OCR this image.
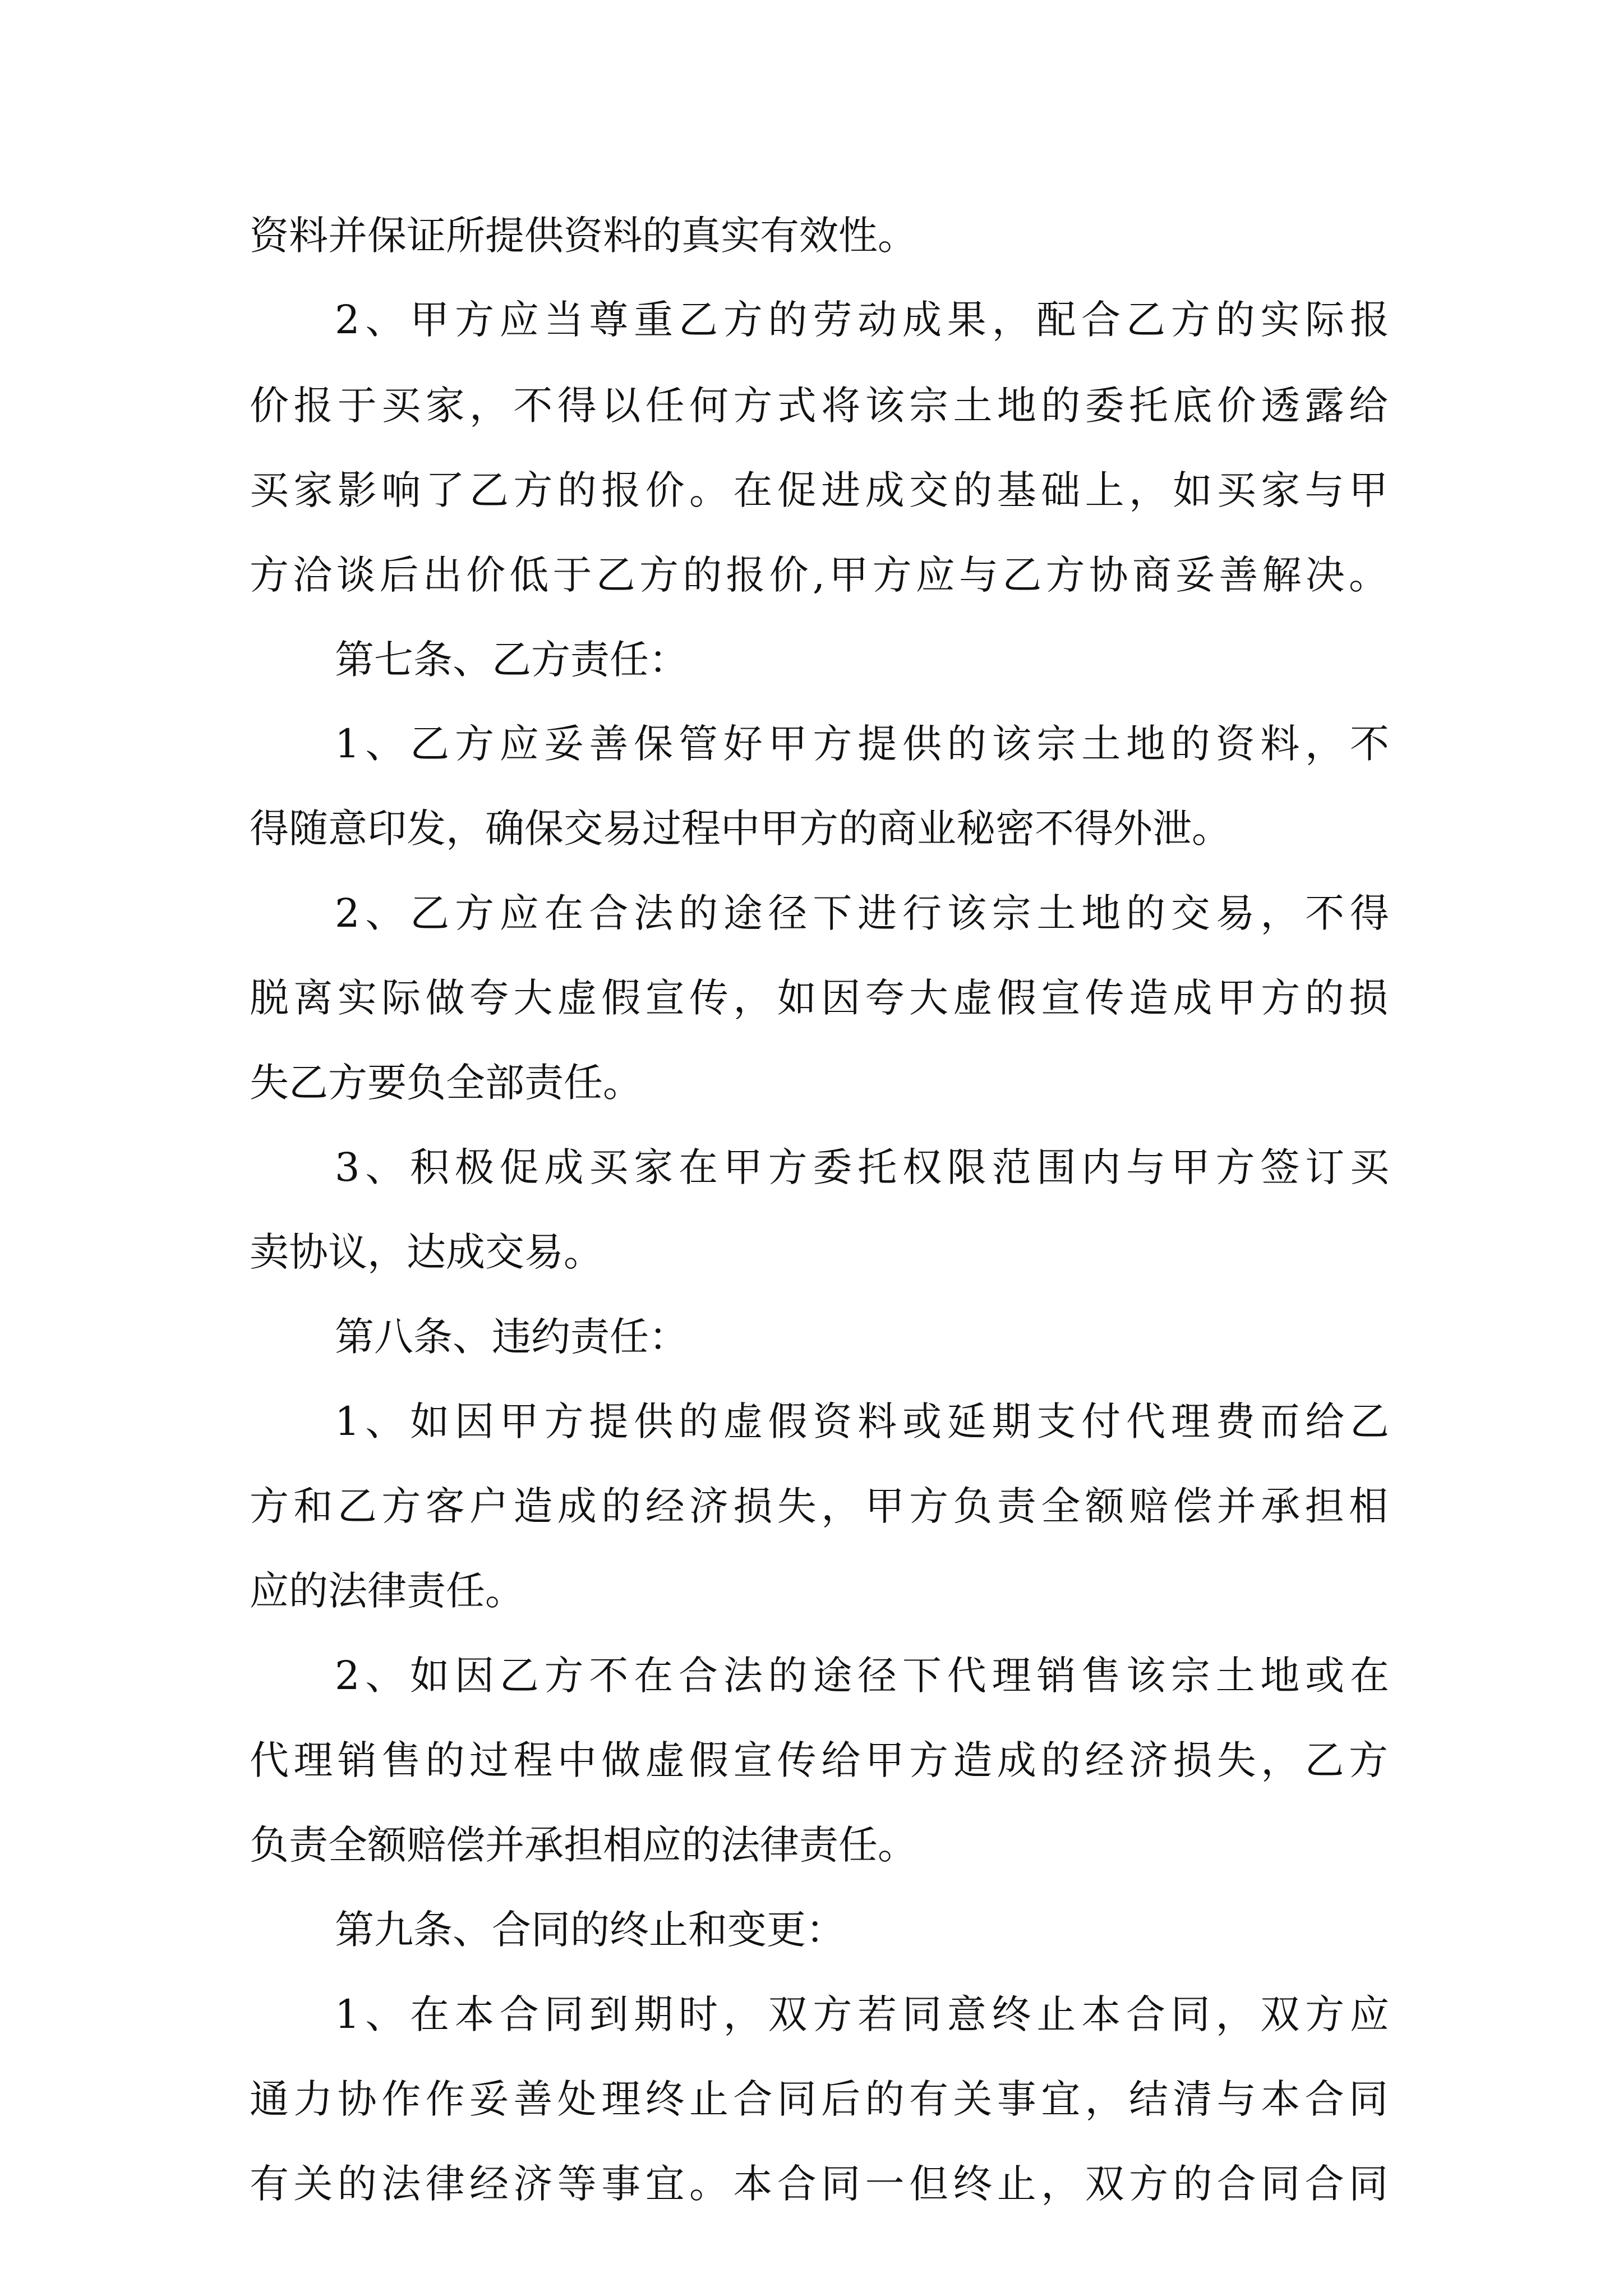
资料并保证所提供资料的真实有效性。
2、甲方应当尊重乙方的劳动成果，配合乙方的实际报
价报于买家，不得以任何方式将该宗土地的委托底价透露给
买家影响了乙方的报价。在促进成交的基础上，如买家与甲
方洽谈后出价低于乙方的报价,甲方应与乙方协商妥善解决。
第七条、乙方责任：
1、乙方应妥善保管好甲方提供的该宗土地的资料，不
得随意印发，确保交易过程中甲方的商业秘密不得外泄。
2、乙方应在合法的途径下进行该宗土地的交易，不得
脱离实际做夸大虚假宣传，如因夸大虚假宣传造成甲方的损
失乙方要负全部责任。
3、积极促成买家在甲方委托权限范围内与甲方签订买
卖协议，达成交易。
第八条、违约责任：
1、如因甲方提供的虚假资料或延期支付代理费而给乙
方和乙方客户造成的经济损失，甲方负责全额赔偿并承担相
应的法律责任。
2、如因乙方不在合法的途径下代理销售该宗土地或在
代理销售的过程中做虚假宣传给甲方造成的经济损失，乙方
负责全额赔偿并承担相应的法律责任。
第九条、合同的终止和变更：
1、在本合同到期时，双方若同意终止本合同，双方应
通力协作作妥善处理终止合同后的有关事宜，结清与本合同
有关的法律经济等事宜。本合同一但终止，双方的合同合同
